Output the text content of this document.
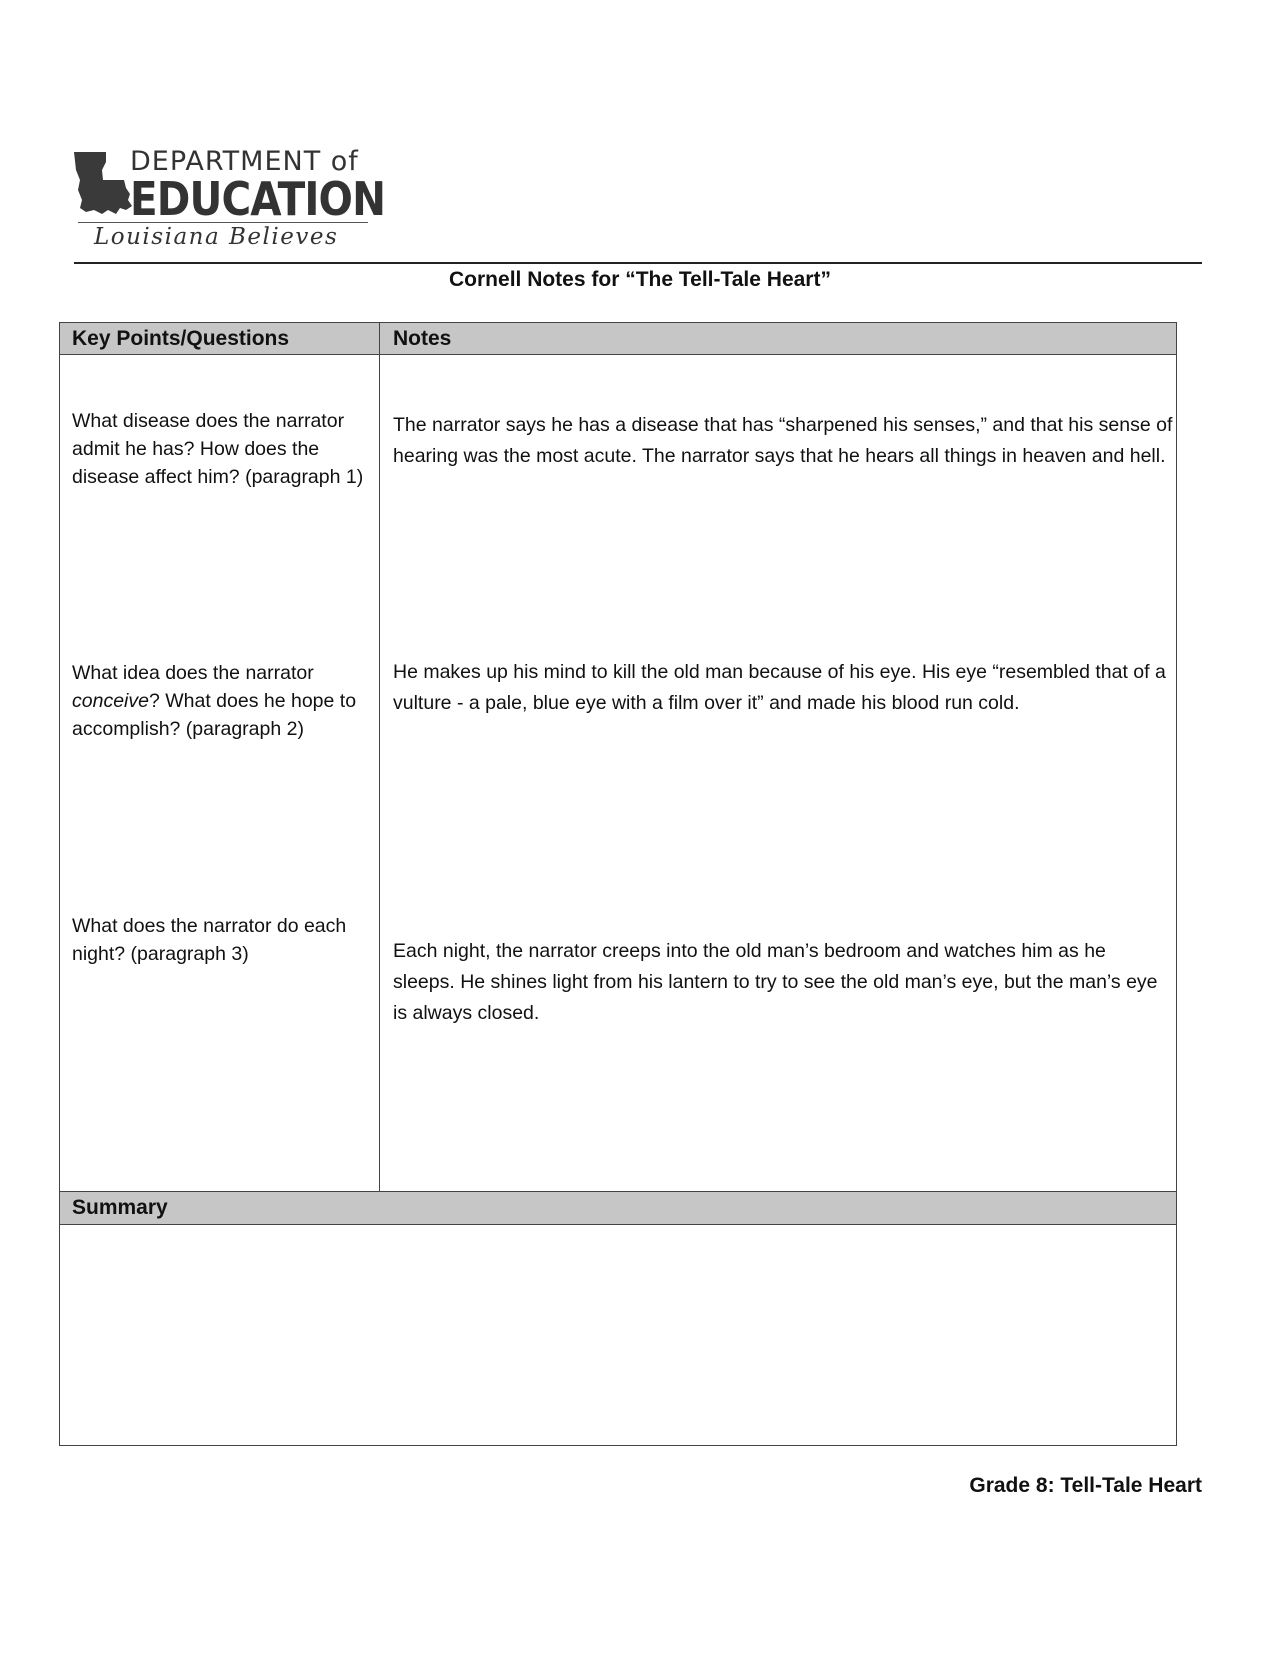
DEPARTMENT of
EDUCATION
Louisiana Believes
Cornell Notes for “The Tell-Tale Heart”
Key Points/Questions	Notes
What disease does the narrator admit he has? How does the disease affect him? (paragraph 1)
The narrator says he has a disease that has “sharpened his senses,” and that his sense of hearing was the most acute. The narrator says that he hears all things in heaven and hell.
What idea does the narrator conceive? What does he hope to accomplish? (paragraph 2)
He makes up his mind to kill the old man because of his eye. His eye “resembled that of a vulture - a pale, blue eye with a film over it” and made his blood run cold.
What does the narrator do each night? (paragraph 3)	Each night, the narrator creeps into the old man’s bedroom and watches him as he sleeps. He shines light from his lantern to try to see the old man’s eye, but the man’s eye is always closed.
Summary
Grade 8: Tell-Tale Heart
